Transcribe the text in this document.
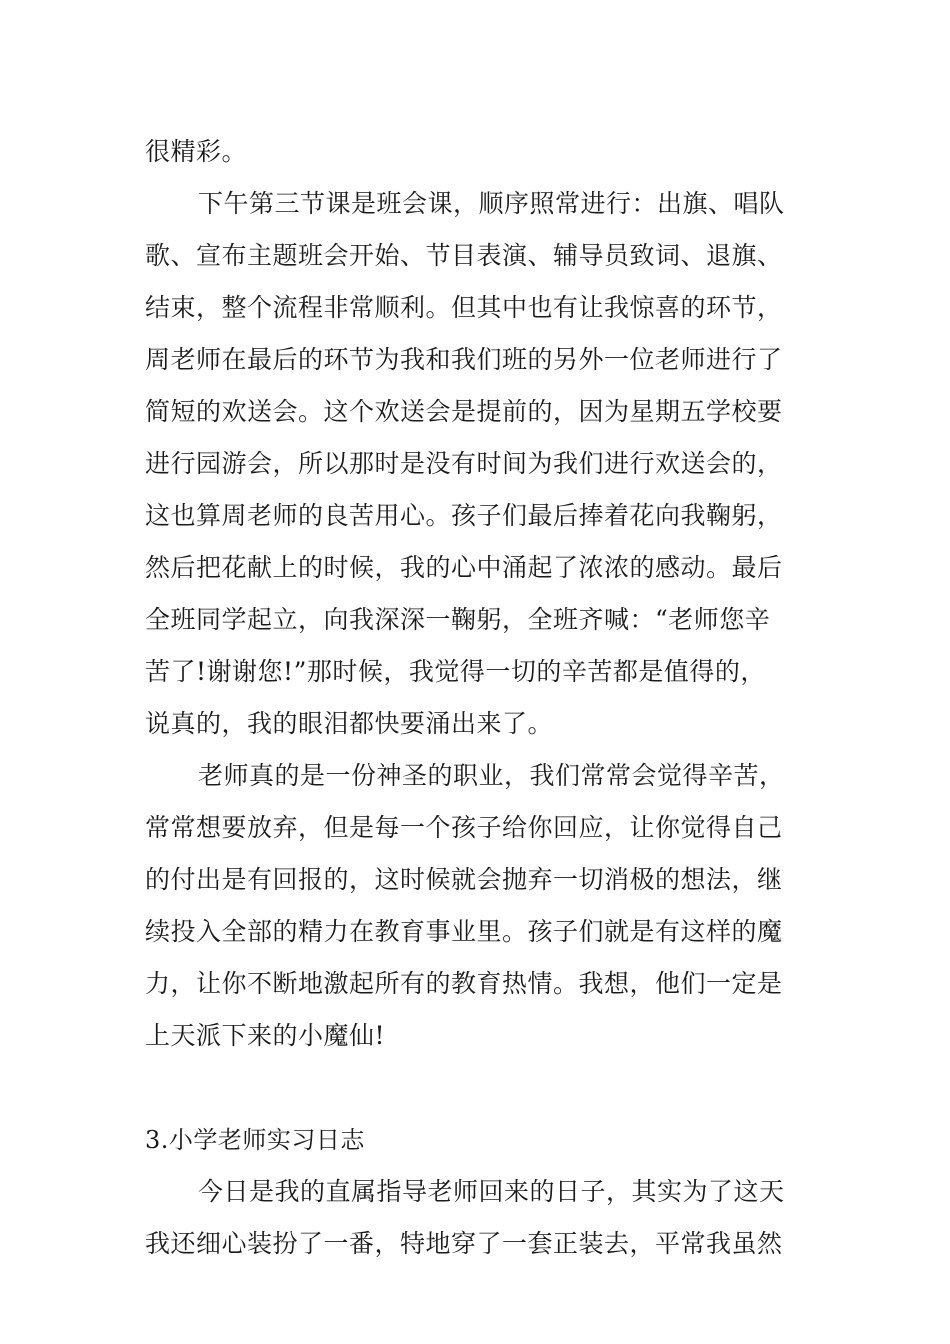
很精彩。
下午第三节课是班会课，顺序照常进行：出旗、唱队
歌、宣布主题班会开始、节目表演、辅导员致词、退旗、
结束，整个流程非常顺利。但其中也有让我惊喜的环节，
周老师在最后的环节为我和我们班的另外一位老师进行了
简短的欢送会。这个欢送会是提前的，因为星期五学校要
进行园游会，所以那时是没有时间为我们进行欢送会的，
这也算周老师的良苦用心。孩子们最后捧着花向我鞠躬，
然后把花献上的时候，我的心中涌起了浓浓的感动。最后
全班同学起立，向我深深一鞠躬，全班齐喊：“老师您辛
苦了!谢谢您!”那时候，我觉得一切的辛苦都是值得的，
说真的，我的眼泪都快要涌出来了。
老师真的是一份神圣的职业，我们常常会觉得辛苦，
常常想要放弃，但是每一个孩子给你回应，让你觉得自己
的付出是有回报的，这时候就会抛弃一切消极的想法，继
续投入全部的精力在教育事业里。孩子们就是有这样的魔
力，让你不断地激起所有的教育热情。我想，他们一定是
上天派下来的小魔仙!
3.小学老师实习日志
今日是我的直属指导老师回来的日子，其实为了这天
我还细心装扮了一番，特地穿了一套正装去，平常我虽然
